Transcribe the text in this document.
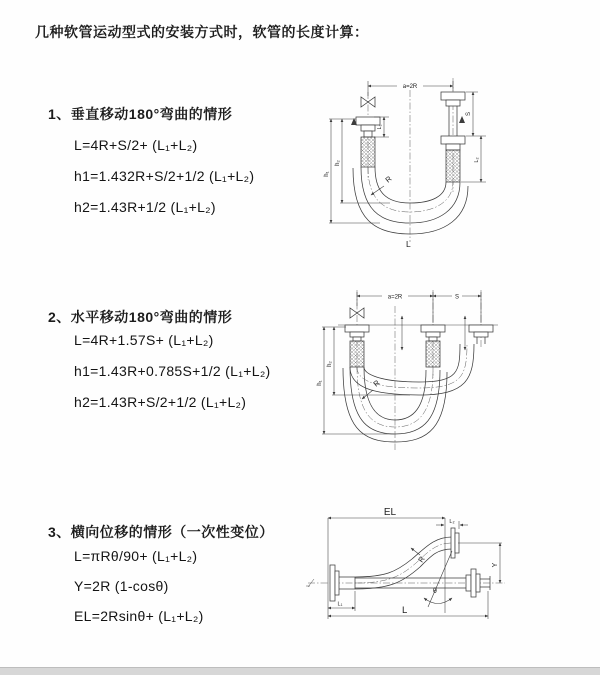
几种软管运动型式的安装方式时，软管的长度计算：
1、垂直移动180°弯曲的情形
L=4R+S/2+ (L₁+L₂)
h1=1.432R+S/2+1/2 (L₁+L₂)
h2=1.43R+1/2 (L₁+L₂)
a=2R
h₁
h₂
L₁
S
L₂
R
L
2、水平移动180°弯曲的情形
L=4R+1.57S+ (L₁+L₂)
h1=1.43R+0.785S+1/2 (L₁+L₂)
h2=1.43R+S/2+1/2 (L₁+L₂)
a=2R	S
h₁
h₂
R
3、横向位移的情形（一次性变位）
L=πRθ/90+ (L₁+L₂)
Y=2R (1-cosθ)
EL=2Rsinθ+ (L₁+L₂)
EL
L₂
Y
θ
R
L
L₁
